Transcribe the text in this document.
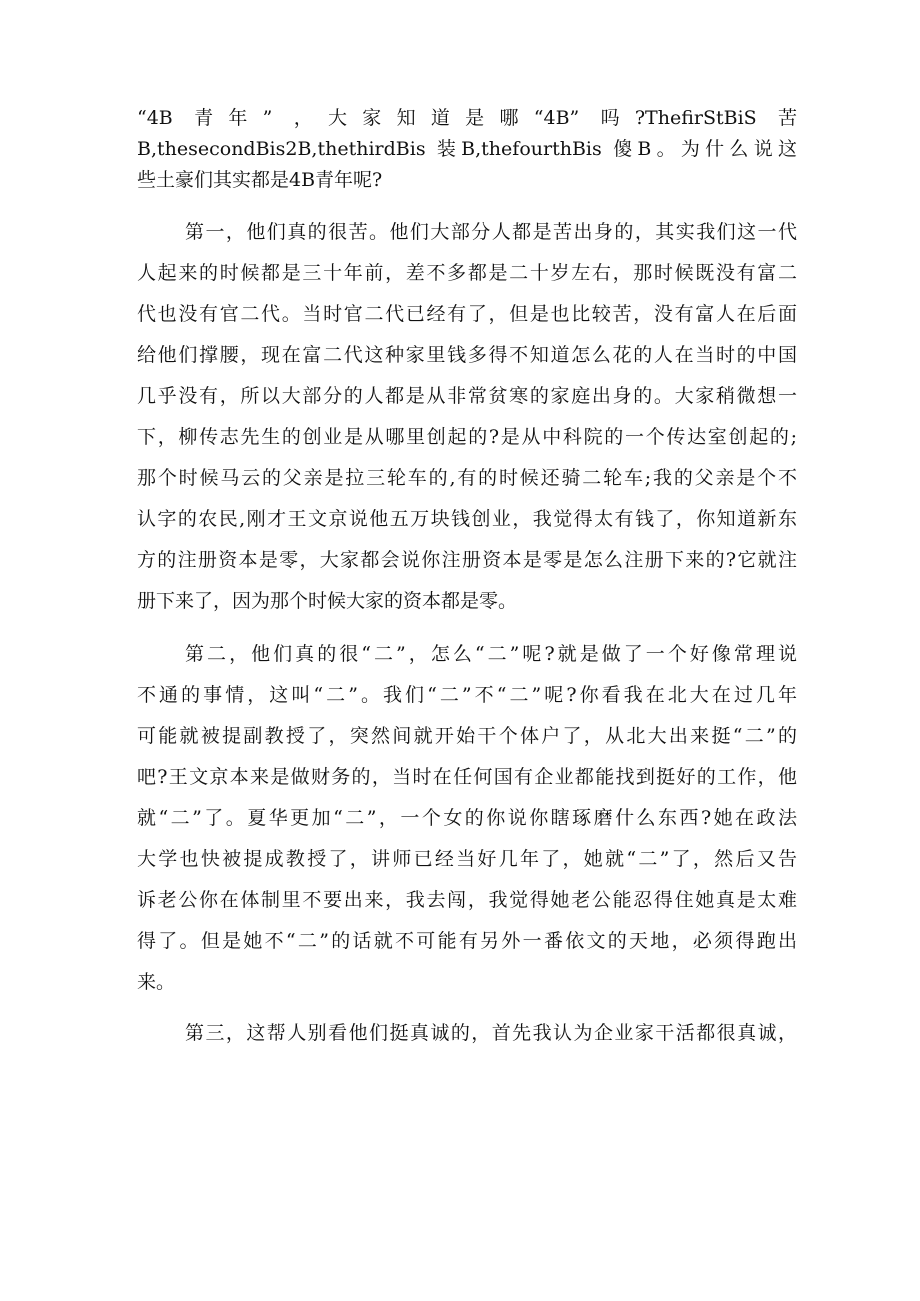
“4B 青年” ，大家知道是哪“4B” 吗?ThefirStBiS 苦
B,thesecondBis2B,thethirdBis 装B,thefourthBis 傻B。为什么说这
些土豪们其实都是4B青年呢?
第一，他们真的很苦。他们大部分人都是苦出身的，其实我们这一代
人起来的时候都是三十年前，差不多都是二十岁左右，那时候既没有富二
代也没有官二代。当时官二代已经有了，但是也比较苦，没有富人在后面
给他们撑腰，现在富二代这种家里钱多得不知道怎么花的人在当时的中国
几乎没有，所以大部分的人都是从非常贫寒的家庭出身的。大家稍微想一
下，柳传志先生的创业是从哪里创起的?是从中科院的一个传达室创起的;
那个时候马云的父亲是拉三轮车的,有的时候还骑二轮车;我的父亲是个不
认字的农民,刚才王文京说他五万块钱创业，我觉得太有钱了，你知道新东
方的注册资本是零，大家都会说你注册资本是零是怎么注册下来的?它就注
册下来了，因为那个时候大家的资本都是零。
第二，他们真的很“二”，怎么“二”呢?就是做了一个好像常理说
不通的事情，这叫“二”。我们“二”不“二”呢?你看我在北大在过几年
可能就被提副教授了，突然间就开始干个体户了，从北大出来挺“二”的
吧?王文京本来是做财务的，当时在任何国有企业都能找到挺好的工作，他
就“二”了。夏华更加“二”，一个女的你说你瞎琢磨什么东西?她在政法
大学也快被提成教授了，讲师已经当好几年了，她就“二”了，然后又告
诉老公你在体制里不要出来，我去闯，我觉得她老公能忍得住她真是太难
得了。但是她不“二”的话就不可能有另外一番依文的天地，必须得跑出
来。
第三，这帮人别看他们挺真诚的，首先我认为企业家干活都很真诚，
